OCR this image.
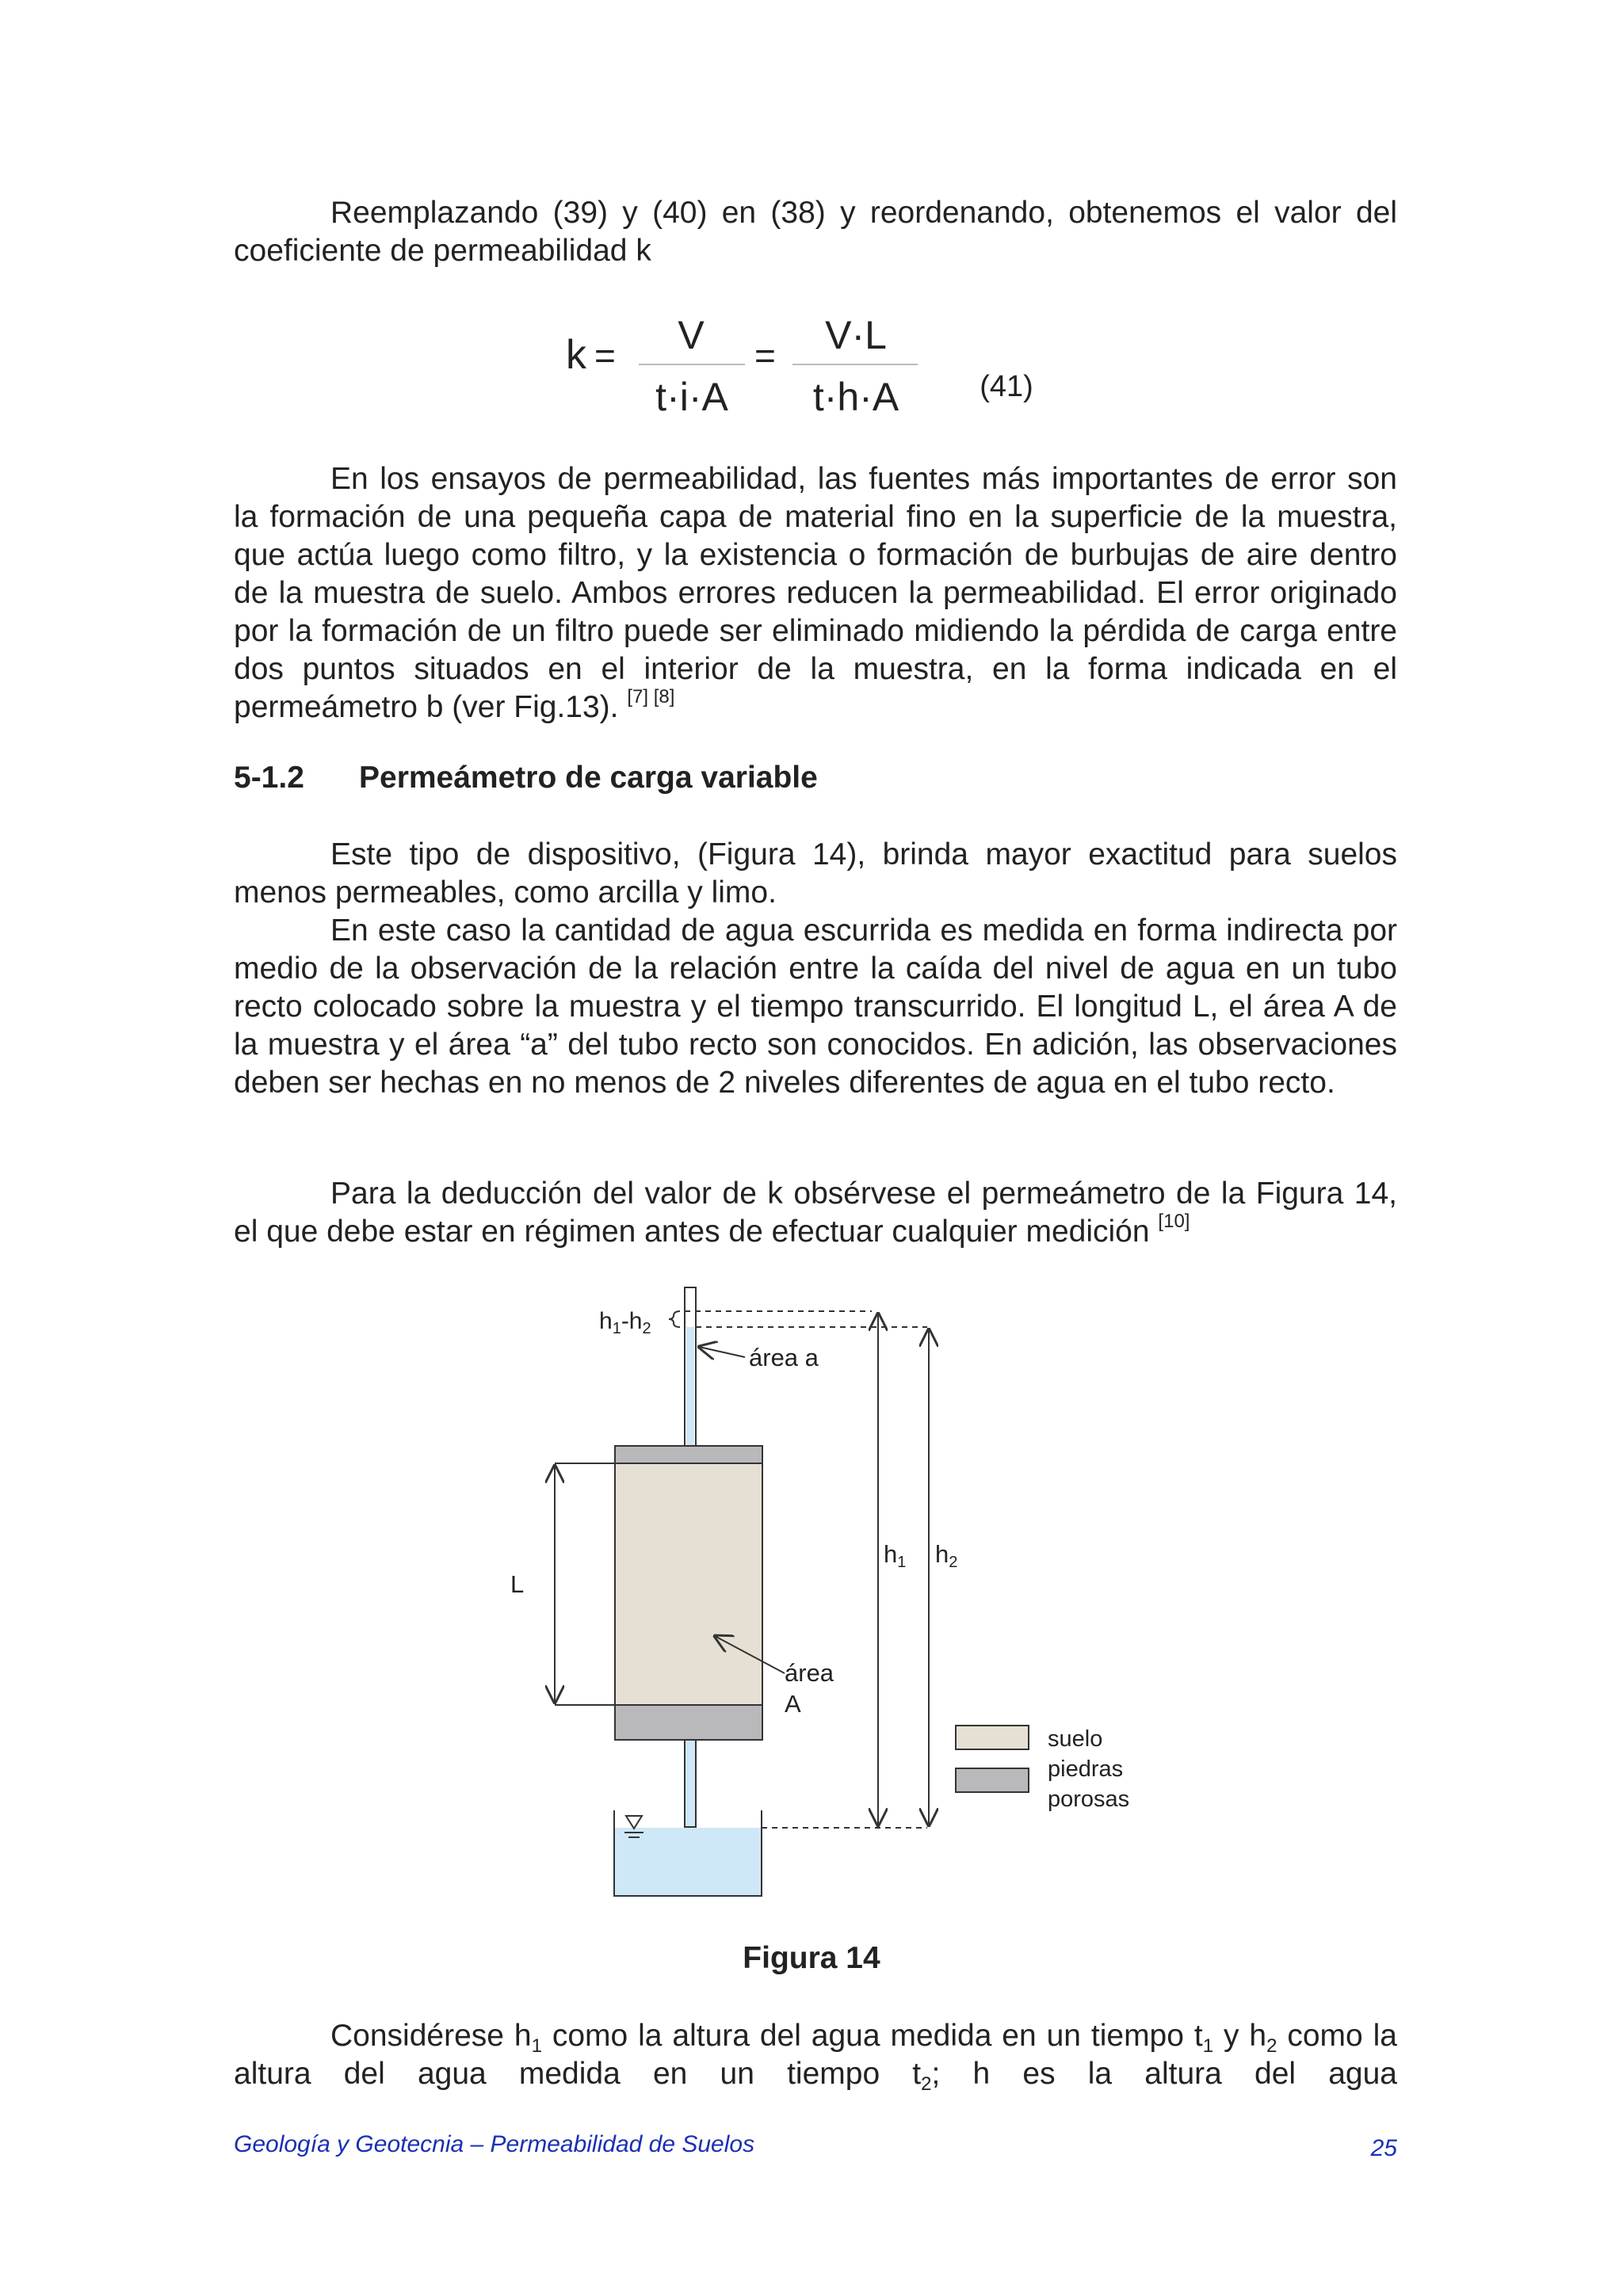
Reemplazando (39) y (40) en (38) y reordenando, obtenemos el valor del coeficiente de permeabilidad k

k = V
t·i·A
= V·L
t·h·A	(41)

En los ensayos de permeabilidad, las fuentes más importantes de error son la formación de una pequeña capa de material fino en la superficie de la muestra, que actúa luego como filtro, y la existencia o formación de burbujas de aire dentro de la muestra de suelo. Ambos errores reducen la permeabilidad. El error originado por la formación de un filtro puede ser eliminado midiendo la pérdida de carga entre dos puntos situados en el interior de la muestra, en la forma indicada en el permeámetro b (ver Fig.13). [7] [8]

5-1.2 Permeámetro de carga variable

Este tipo de dispositivo, (Figura 14), brinda mayor exactitud para suelos menos permeables, como arcilla y limo.

En este caso la cantidad de agua escurrida es medida en forma indirecta por medio de la observación de la relación entre la caída del nivel de agua en un tubo recto colocado sobre la muestra y el tiempo transcurrido. El longitud L, el área A de la muestra y el área “a” del tubo recto son conocidos. En adición, las observaciones deben ser hechas en no menos de 2 niveles diferentes de agua en el tubo recto.

Para la deducción del valor de k obsérvese el permeámetro de la Figura 14, el que debe estar en régimen antes de efectuar cualquier medición [10]

$h_1-h_2$
área a
L
área
A
h1 h2
suelo
piedras
porosas
Figura 14

Considérese $h_1$ como la altura del agua medida en un tiempo $t_1$ y $h_2$ como la altura del agua medida en un tiempo $t_2$; h es la altura del agua

Geología y Geotecnia – Permeabilidad de Suelos	25
